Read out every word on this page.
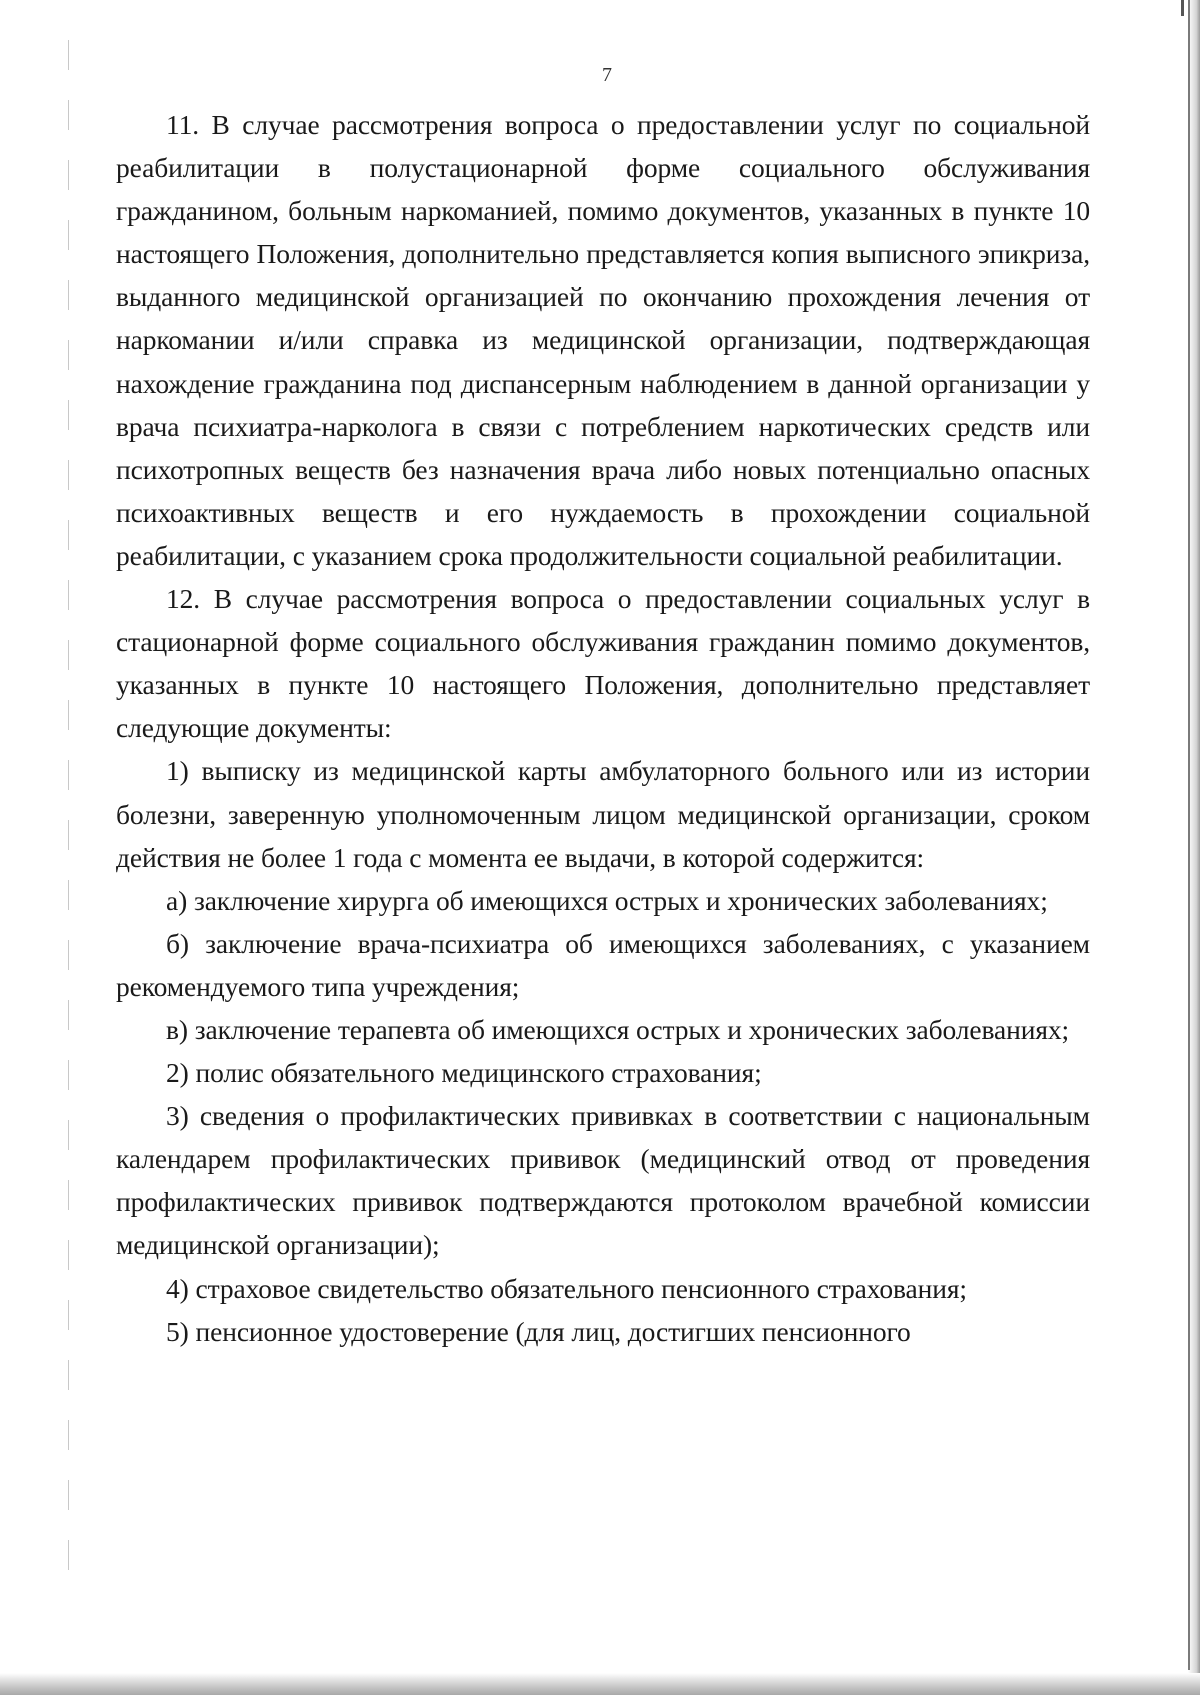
7

11. В случае рассмотрения вопроса о предоставлении услуг по социальной реабилитации в полустационарной форме социального обслуживания гражданином, больным наркоманией, помимо документов, указанных в пункте 10 настоящего Положения, дополнительно представляется копия выписного эпикриза, выданного медицинской организацией по окончанию прохождения лечения от наркомании и/или справка из медицинской организации, подтверждающая нахождение гражданина под диспансерным наблюдением в данной организации у врача психиатра-нарколога в связи с потреблением наркотических средств или психотропных веществ без назначения врача либо новых потенциально опасных психоактивных веществ и его нуждаемость в прохождении социальной реабилитации, с указанием срока продолжительности социальной реабилитации.

12. В случае рассмотрения вопроса о предоставлении социальных услуг в стационарной форме социального обслуживания гражданин помимо документов, указанных в пункте 10 настоящего Положения, дополнительно представляет следующие документы:

1) выписку из медицинской карты амбулаторного больного или из истории болезни, заверенную уполномоченным лицом медицинской организации, сроком действия не более 1 года с момента ее выдачи, в которой содержится:

а) заключение хирурга об имеющихся острых и хронических заболеваниях;

б) заключение врача-психиатра об имеющихся заболеваниях, с указанием рекомендуемого типа учреждения;

в) заключение терапевта об имеющихся острых и хронических заболеваниях;

2) полис обязательного медицинского страхования;

3) сведения о профилактических прививках в соответствии с национальным календарем профилактических прививок (медицинский отвод от проведения профилактических прививок подтверждаются протоколом врачебной комиссии медицинской организации);

4) страховое свидетельство обязательного пенсионного страхования;

5) пенсионное удостоверение (для лиц, достигших пенсионного
